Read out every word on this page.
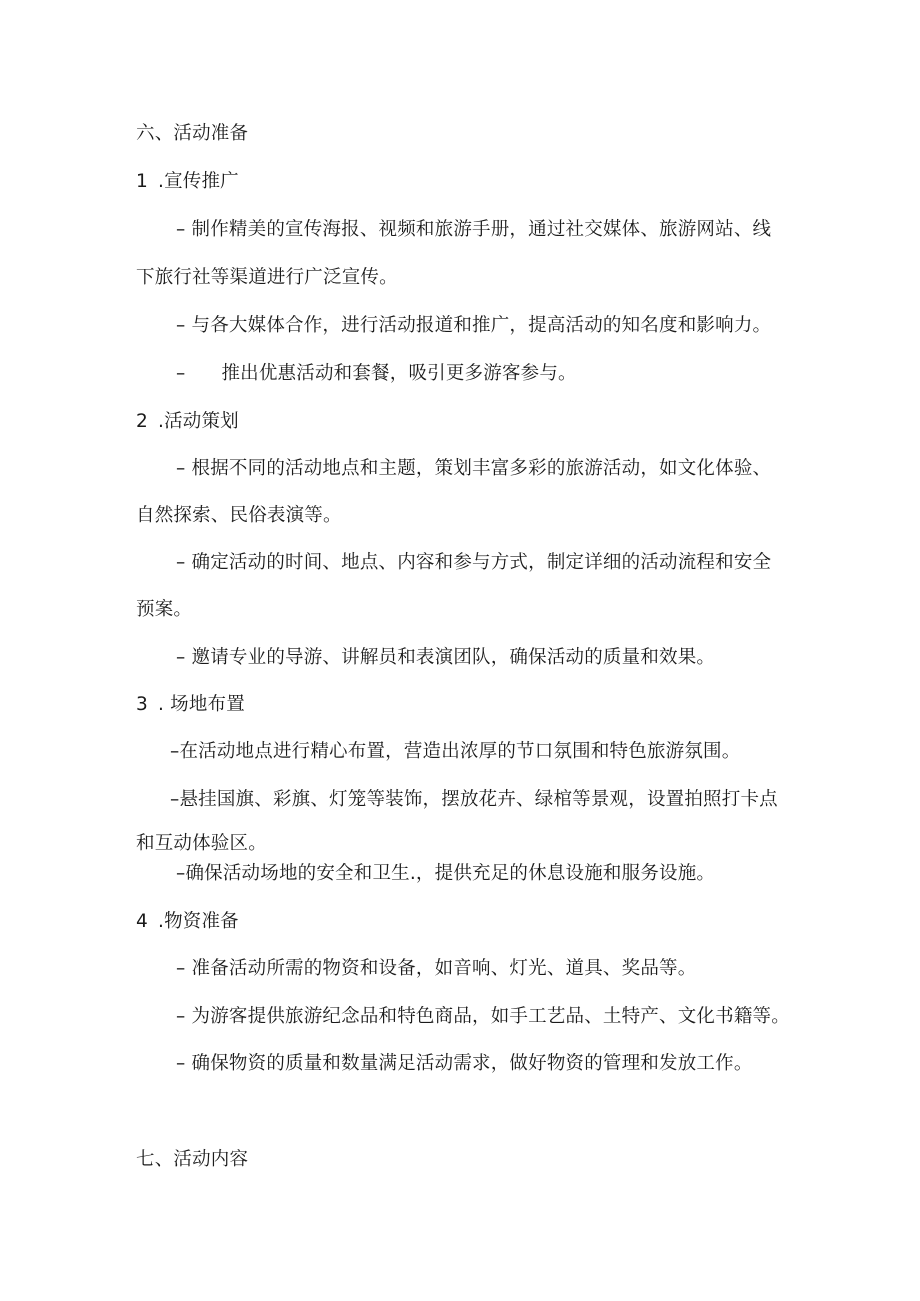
六、活动准备

1 .宣传推广

– 制作精美的宣传海报、视频和旅游手册，通过社交媒体、旅游网站、线

下旅行社等渠道进行广泛宣传。

– 与各大媒体合作，进行活动报道和推广，提高活动的知名度和影响力。

– 推出优惠活动和套餐，吸引更多游客参与。

2 .活动策划

– 根据不同的活动地点和主题，策划丰富多彩的旅游活动，如文化体验、

自然探索、民俗表演等。

– 确定活动的时间、地点、内容和参与方式，制定详细的活动流程和安全

预案。

– 邀请专业的导游、讲解员和表演团队，确保活动的质量和效果。

3 . 场地布置

–在活动地点进行精心布置，营造出浓厚的节口氛围和特色旅游氛围。

–悬挂国旗、彩旗、灯笼等装饰，摆放花卉、绿棺等景观，设置拍照打卡点

和互动体验区。

–确保活动场地的安全和卫生.，提供充足的休息设施和服务设施。

4 .物资准备

– 准备活动所需的物资和设备，如音响、灯光、道具、奖品等。

– 为游客提供旅游纪念品和特色商品，如手工艺品、土特产、文化书籍等。

– 确保物资的质量和数量满足活动需求，做好物资的管理和发放工作。

七、活动内容
